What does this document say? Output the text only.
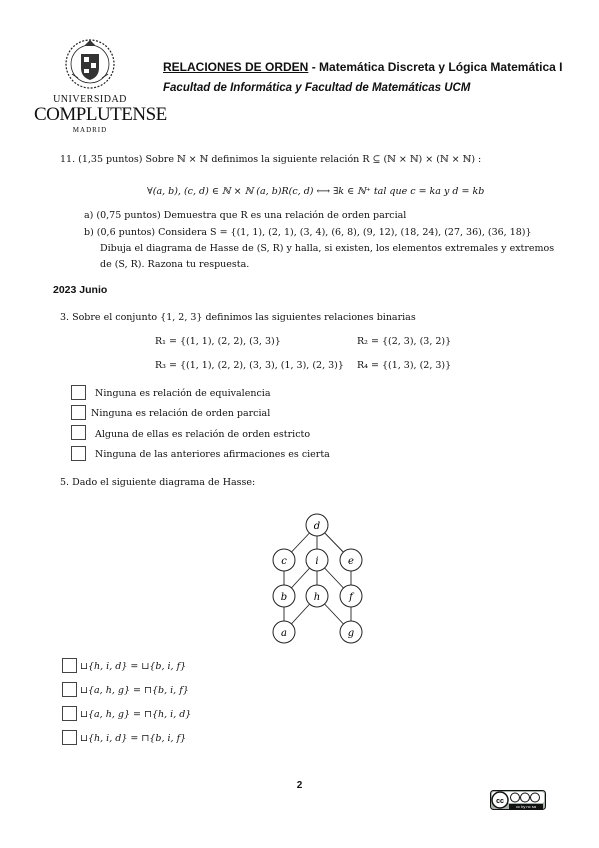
UNIVERSIDAD
COMPLUTENSE
MADRID
RELACIONES DE ORDEN - Matemática Discreta y Lógica Matemática I
Facultad de Informática y Facultad de Matemáticas UCM
11. (1,35 puntos) Sobre ℕ × ℕ definimos la siguiente relación R ⊆ (ℕ × ℕ) × (ℕ × ℕ) :
∀(a, b), (c, d) ∈ ℕ × ℕ (a, b)R(c, d) ⟷ ∃k ∈ ℕ⁺ tal que c = ka y d = kb
a) (0,75 puntos) Demuestra que R es una relación de orden parcial
b) (0,6 puntos) Considera S = {(1, 1), (2, 1), (3, 4), (6, 8), (9, 12), (18, 24), (27, 36), (36, 18)}
Dibuja el diagrama de Hasse de (S, R) y halla, si existen, los elementos extremales y extremos
de (S, R). Razona tu respuesta.
2023 Junio
3. Sobre el conjunto {1, 2, 3} definimos las siguientes relaciones binarias
R₁ = {(1, 1), (2, 2), (3, 3)}	R₂ = {(2, 3), (3, 2)}
R₃ = {(1, 1), (2, 2), (3, 3), (1, 3), (2, 3)} R₄ = {(1, 3), (2, 3)}
Ninguna es relación de equivalencia
Ninguna es relación de orden parcial
Alguna de ellas es relación de orden estricto
Ninguna de las anteriores afirmaciones es cierta
5. Dado el siguiente diagrama de Hasse:
d
c	i	e
b	h	f
a	g
⊔{h, i, d} = ⊔{b, i, f}
⊔{a, h, g} = ⊓{b, i, f}
⊔{a, h, g} = ⊓{h, i, d}
⊔{h, i, d} = ⊓{b, i, f}
2
cc
cc by nc sa
